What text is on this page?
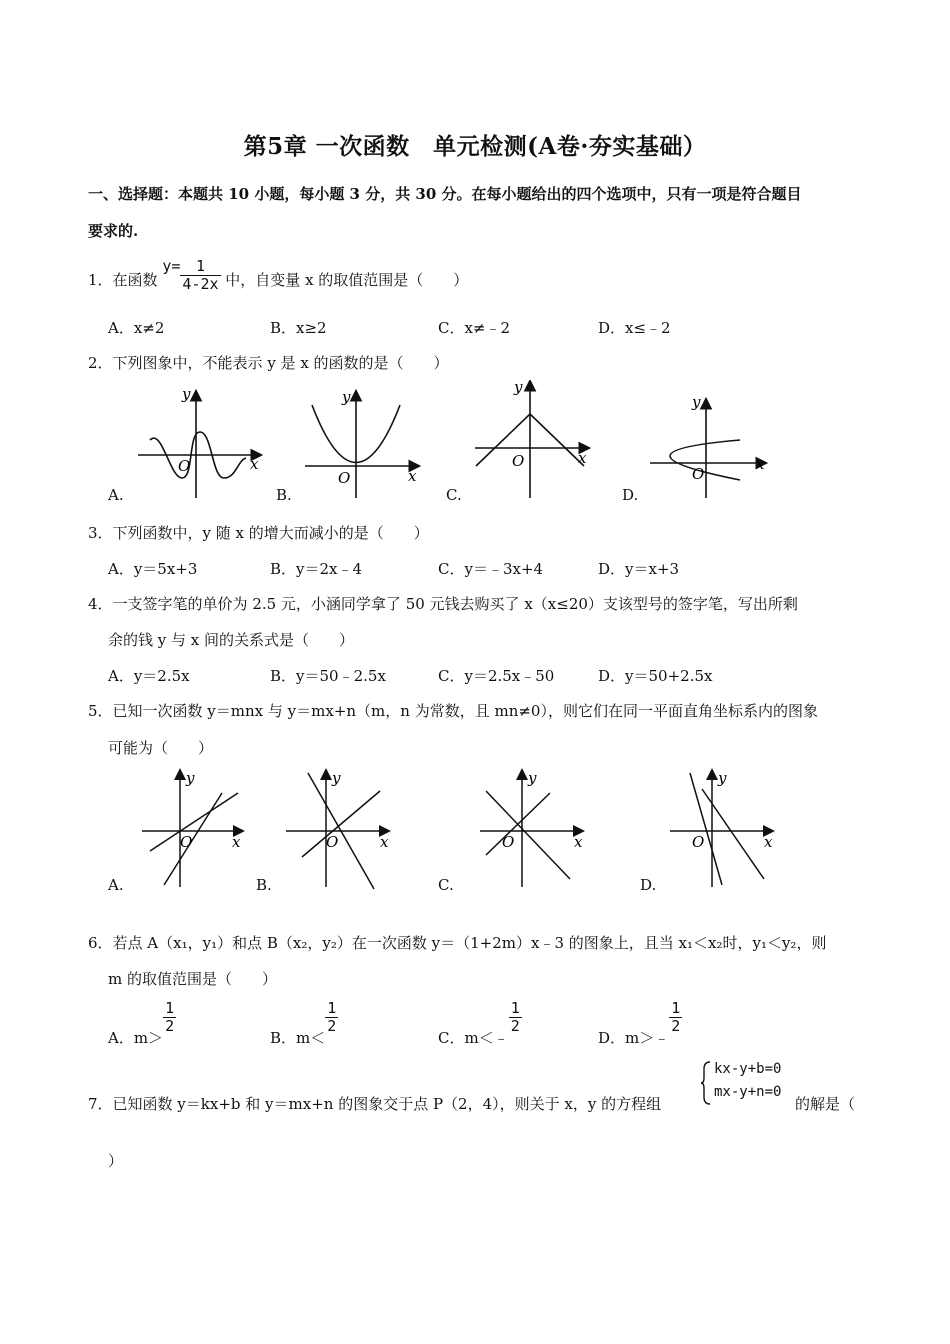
第5章 一次函数　单元检测(A卷·夯实基础）
一、选择题：本题共 10 小题，每小题 3 分，共 30 分。在每小题给出的四个选项中，只有一项是符合题目
要求的.
1．在函数 $y= \frac{1}{4-2x}$ 中，自变量 x 的取值范围是（　　）
A．x≠2	B．x≥2	C．x≠﹣2	D．x≤﹣2
2．下列图象中，不能表示 y 是 x 的函数的是（　　）
y
x
O
y
x
O
y
x
O
y
x
O
A.	B.	C.	D.
3．下列函数中，y 随 x 的增大而减小的是（　　）
A．y＝5x+3	B．y＝2x﹣4	C．y＝﹣3x+4	D．y＝x+3
4．一支签字笔的单价为 2.5 元，小涵同学拿了 50 元钱去购买了 x（x≤20）支该型号的签字笔，写出所剩
余的钱 y 与 x 间的关系式是（　　）
A．y＝2.5x	B．y＝50﹣2.5x	C．y＝2.5x﹣50	D．y＝50+2.5x
5．已知一次函数 y＝mnx 与 y＝mx+n（m，n 为常数，且 mn≠0），则它们在同一平面直角坐标系内的图象
可能为（　　）
y
x
O
y
x
O
y
x
O
y
x
O
A.	B.	C.	D.
6．若点 A（x₁，y₁）和点 B（x₂，y₂）在一次函数 y＝（1+2m）x﹣3 的图象上，且当 x₁＜x₂时，y₁＜y₂，则
m 的取值范围是（　　）
A．m＞
$\frac{1}{2}$
B．m＜
$\frac{1}{2}$
C．m＜﹣
$\frac{1}{2}$
D．m＞﹣
$\frac{1}{2}$
7．已知函数 y＝kx+b 和 y＝mx+n 的图象交于点 P（2，4），则关于 x，y 的方程组
kx-y+b=0
mx-y+n=0
的解是（
）
